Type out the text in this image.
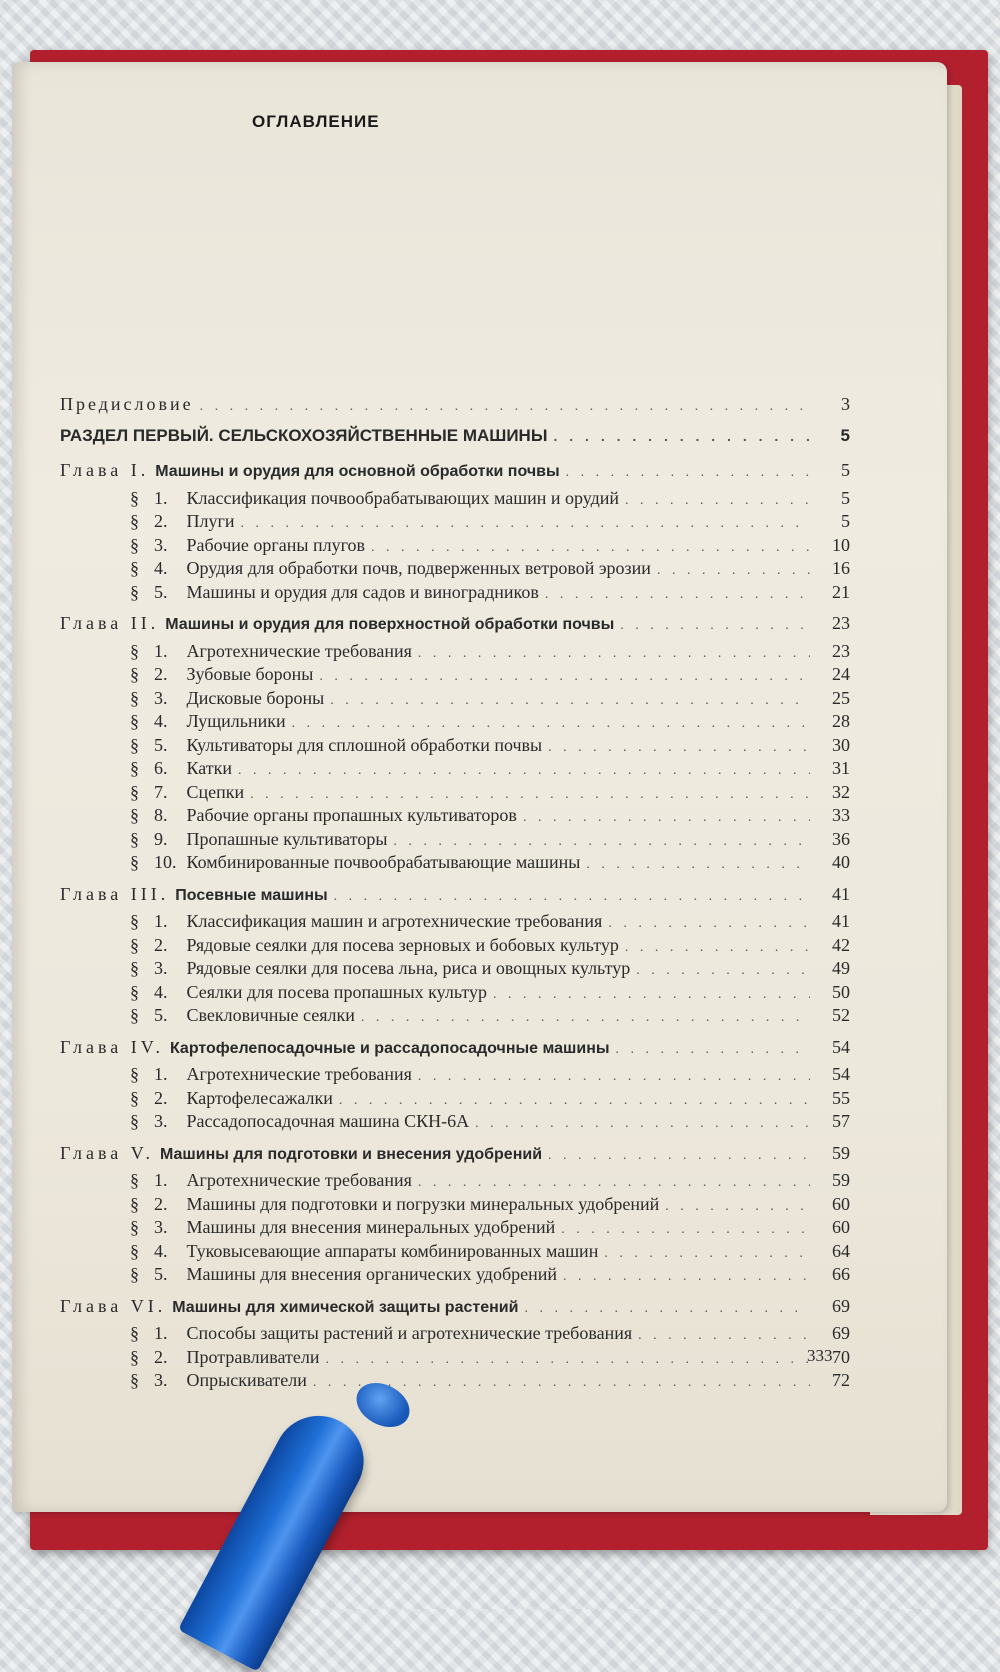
ОГЛАВЛЕНИЕ
Предисловие . . .	3
РАЗДЕЛ ПЕРВЫЙ. СЕЛЬСКОХОЗЯЙСТВЕННЫЕ МАШИНЫ . . .	5
Глава I. Машины и орудия для основной обработки почвы . . .	5
§ 1. Классификация почвообрабатывающих машин и орудий . . .	5
§ 2. Плуги . . .	5
§ 3. Рабочие органы плугов . . .	10
§ 4. Орудия для обработки почв, подверженных ветровой эрозии . . .	16
§ 5. Машины и орудия для садов и виноградников . . .	21
Глава II. Машины и орудия для поверхностной обработки почвы . . .	23
§ 1. Агротехнические требования . . .	23
§ 2. Зубовые бороны . . .	24
§ 3. Дисковые бороны . . .	25
§ 4. Лущильники . . .	28
§ 5. Культиваторы для сплошной обработки почвы . . .	30
§ 6. Катки . . .	31
§ 7. Сцепки . . .	32
§ 8. Рабочие органы пропашных культиваторов . . .	33
§ 9. Пропашные культиваторы . . .	36
§ 10. Комбинированные почвообрабатывающие машины . . .	40
Глава III. Посевные машины . . .	41
§ 1. Классификация машин и агротехнические требования . . .	41
§ 2. Рядовые сеялки для посева зерновых и бобовых культур . . .	42
§ 3. Рядовые сеялки для посева льна, риса и овощных культур . . .	49
§ 4. Сеялки для посева пропашных культур . . .	50
§ 5. Свекловичные сеялки . . .	52
Глава IV. Картофелепосадочные и рассадопосадочные машины . . .	54
§ 1. Агротехнические требования . . .	54
§ 2. Картофелесажалки . . .	55
§ 3. Рассадопосадочная машина СКН-6А . . .	57
Глава V. Машины для подготовки и внесения удобрений . . .	59
§ 1. Агротехнические требования . . .	59
§ 2. Машины для подготовки и погрузки минеральных удобрений . . .	60
§ 3. Машины для внесения минеральных удобрений . . .	60
§ 4. Туковысевающие аппараты комбинированных машин . . .	64
§ 5. Машины для внесения органических удобрений . . .	66
Глава VI. Машины для химической защиты растений . . .	69
§ 1. Способы защиты растений и агротехнические требования . . .	69
§ 2. Протравливатели . . .	70
§ 3. Опрыскиватели . . .	72
333
